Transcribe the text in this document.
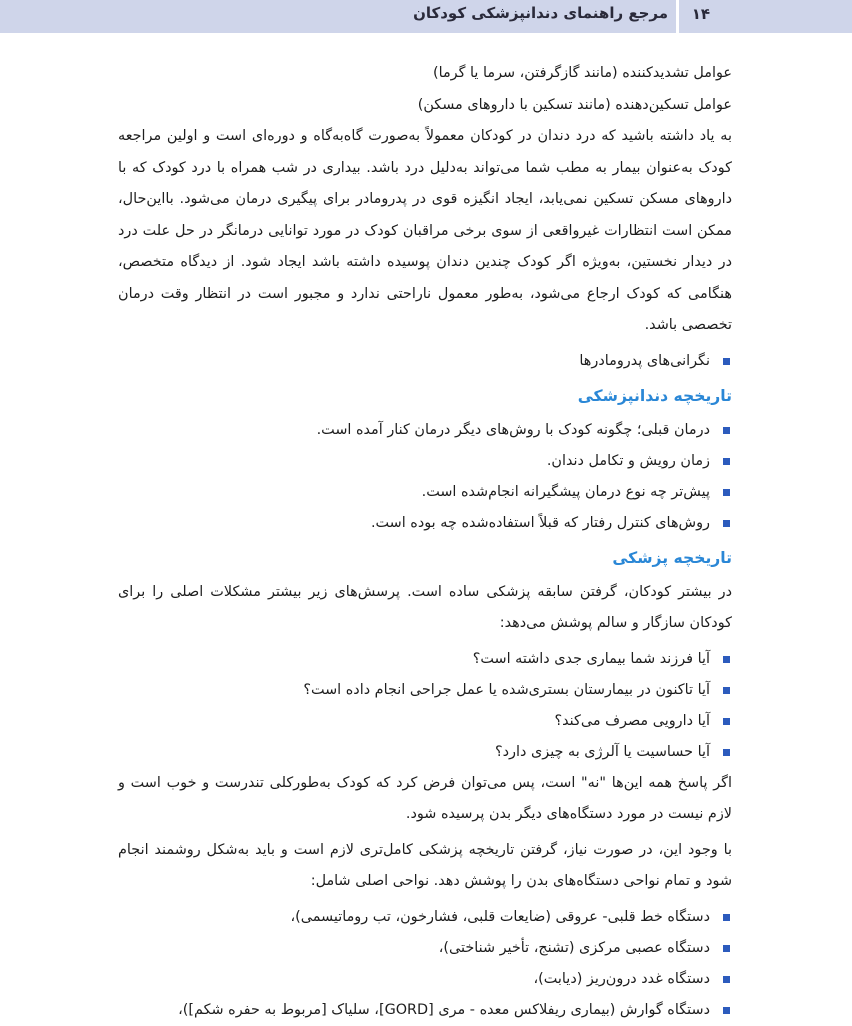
مرجع راهنمای دندانپزشکی کودکان ۱۴

عوامل تشدیدکننده (مانند گازگرفتن، سرما یا گرما)

عوامل تسکین‌دهنده (مانند تسکین با داروهای مسکن)

به یاد داشته باشید که درد دندان در کودکان معمولاً به‌صورت گاه‌به‌گاه و دوره‌ای است و اولین مراجعه کودک به‌عنوان بیمار به مطب شما می‌تواند به‌دلیل درد باشد. بیداری در شب همراه با درد کودک که با داروهای مسکن تسکین نمی‌یابد، ایجاد انگیزه قوی در پدرومادر برای پیگیری درمان می‌شود. بااین‌حال، ممکن است انتظارات غیرواقعی از سوی برخی مراقبان کودک در مورد توانایی درمانگر در حل علت درد در دیدار نخستین، به‌ویژه اگر کودک چندین دندان پوسیده داشته باشد ایجاد شود. از دیدگاه متخصص، هنگامی که کودک ارجاع می‌شود، به‌طور معمول ناراحتی ندارد و مجبور است در انتظار وقت درمان تخصصی باشد.

نگرانی‌های پدرومادرها
تاریخچه دندانپزشکی
درمان قبلی؛ چگونه کودک با روش‌های دیگر درمان کنار آمده است.
زمان رویش و تکامل دندان.
پیش‌تر چه نوع درمان پیشگیرانه انجام‌شده است.
روش‌های کنترل رفتار که قبلاً استفاده‌شده چه بوده است.
تاریخچه پزشکی

در بیشتر کودکان، گرفتن سابقه پزشکی ساده است. پرسش‌های زیر بیشتر مشکلات اصلی را برای کودکان سازگار و سالم پوشش می‌دهد:

آیا فرزند شما بیماری جدی داشته است؟
آیا تاکنون در بیمارستان بستری‌شده یا عمل جراحی انجام داده است؟
آیا دارویی مصرف می‌کند؟
آیا حساسیت یا آلرژی به چیزی دارد؟

اگر پاسخ همه این‌ها "نه" است، پس می‌توان فرض کرد که کودک به‌طورکلی تندرست و خوب است و لازم نیست در مورد دستگاه‌های دیگر بدن پرسیده شود.

با وجود این، در صورت نیاز، گرفتن تاریخچه پزشکی کامل‌تری لازم است و باید به‌شکل روشمند انجام شود و تمام نواحی دستگاه‌های بدن را پوشش دهد. نواحی اصلی شامل:

دستگاه خط قلبی- عروقی (ضایعات قلبی، فشارخون، تب روماتیسمی)،
دستگاه عصبی مرکزی (تشنج، تأخیر شناختی)،
دستگاه غدد درون‌ریز (دیابت)،
دستگاه گوارش (بیماری ریفلاکس معده - مری [GORD]، سلیاک [مربوط به حفره شکم])،
